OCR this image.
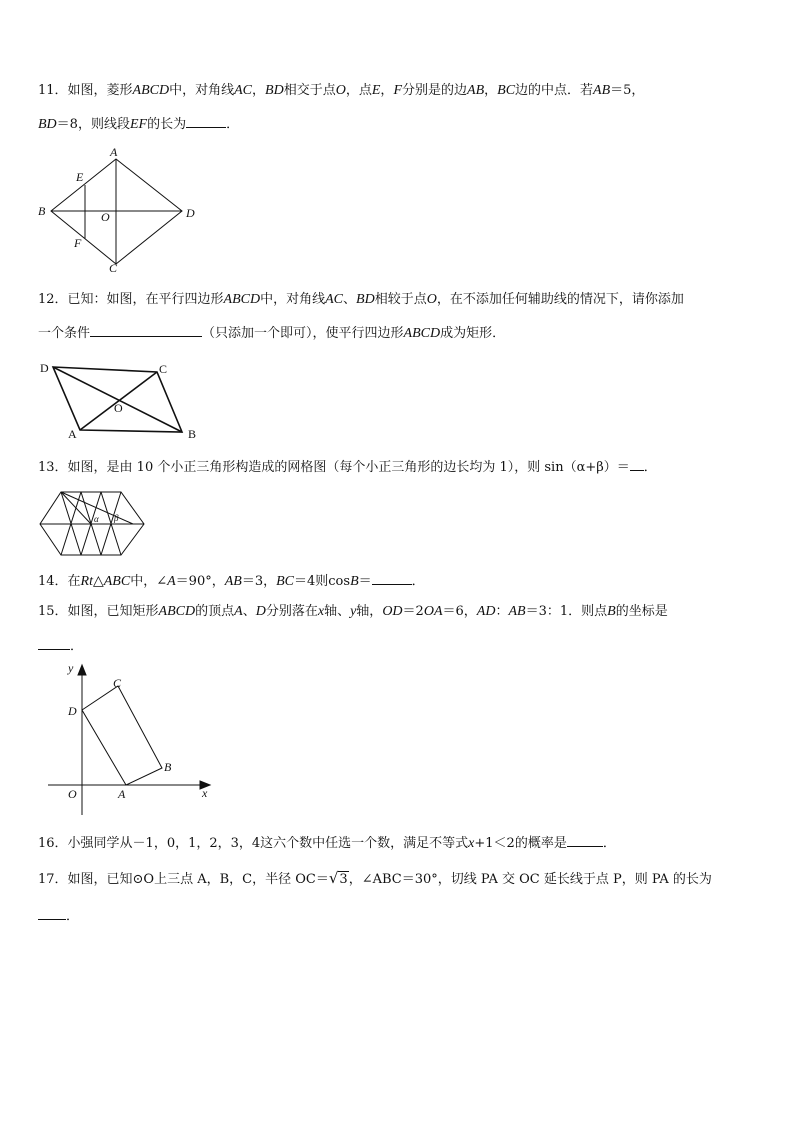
11．如图，菱形ABCD中，对角线AC，BD相交于点O，点E，F分别是的边AB，BC边的中点．若AB＝5，
BD＝8，则线段EF的长为	．
A
B
C
D
E
F
O
12．已知：如图，在平行四边形ABCD中，对角线AC、BD相较于点O，在不添加任何辅助线的情况下，请你添加
一个条件	（只添加一个即可），使平行四边形ABCD成为矩形．
D	C
O
A	B
13．如图，是由 10 个小正三角形构造成的网格图（每个小正三角形的边长均为 1），则 sin（α+β）＝ ．
α β
14．在Rt△ABC中，∠A＝90°，AB＝3，BC＝4则cosB＝	．
15．如图，已知矩形ABCD的顶点A、D分别落在x轴、y轴，OD＝2OA＝6，AD：AB＝3：1．则点B的坐标是
．
y
x
O	A
B
C
D
16．小强同学从－1，0，1，2，3，4这六个数中任选一个数，满足不等式x+1＜2的概率是	．
17．如图，已知⊙O上三点 A，B，C，半径 OC＝√3，∠ABC＝30°，切线 PA 交 OC 延长线于点 P，则 PA 的长为
．
